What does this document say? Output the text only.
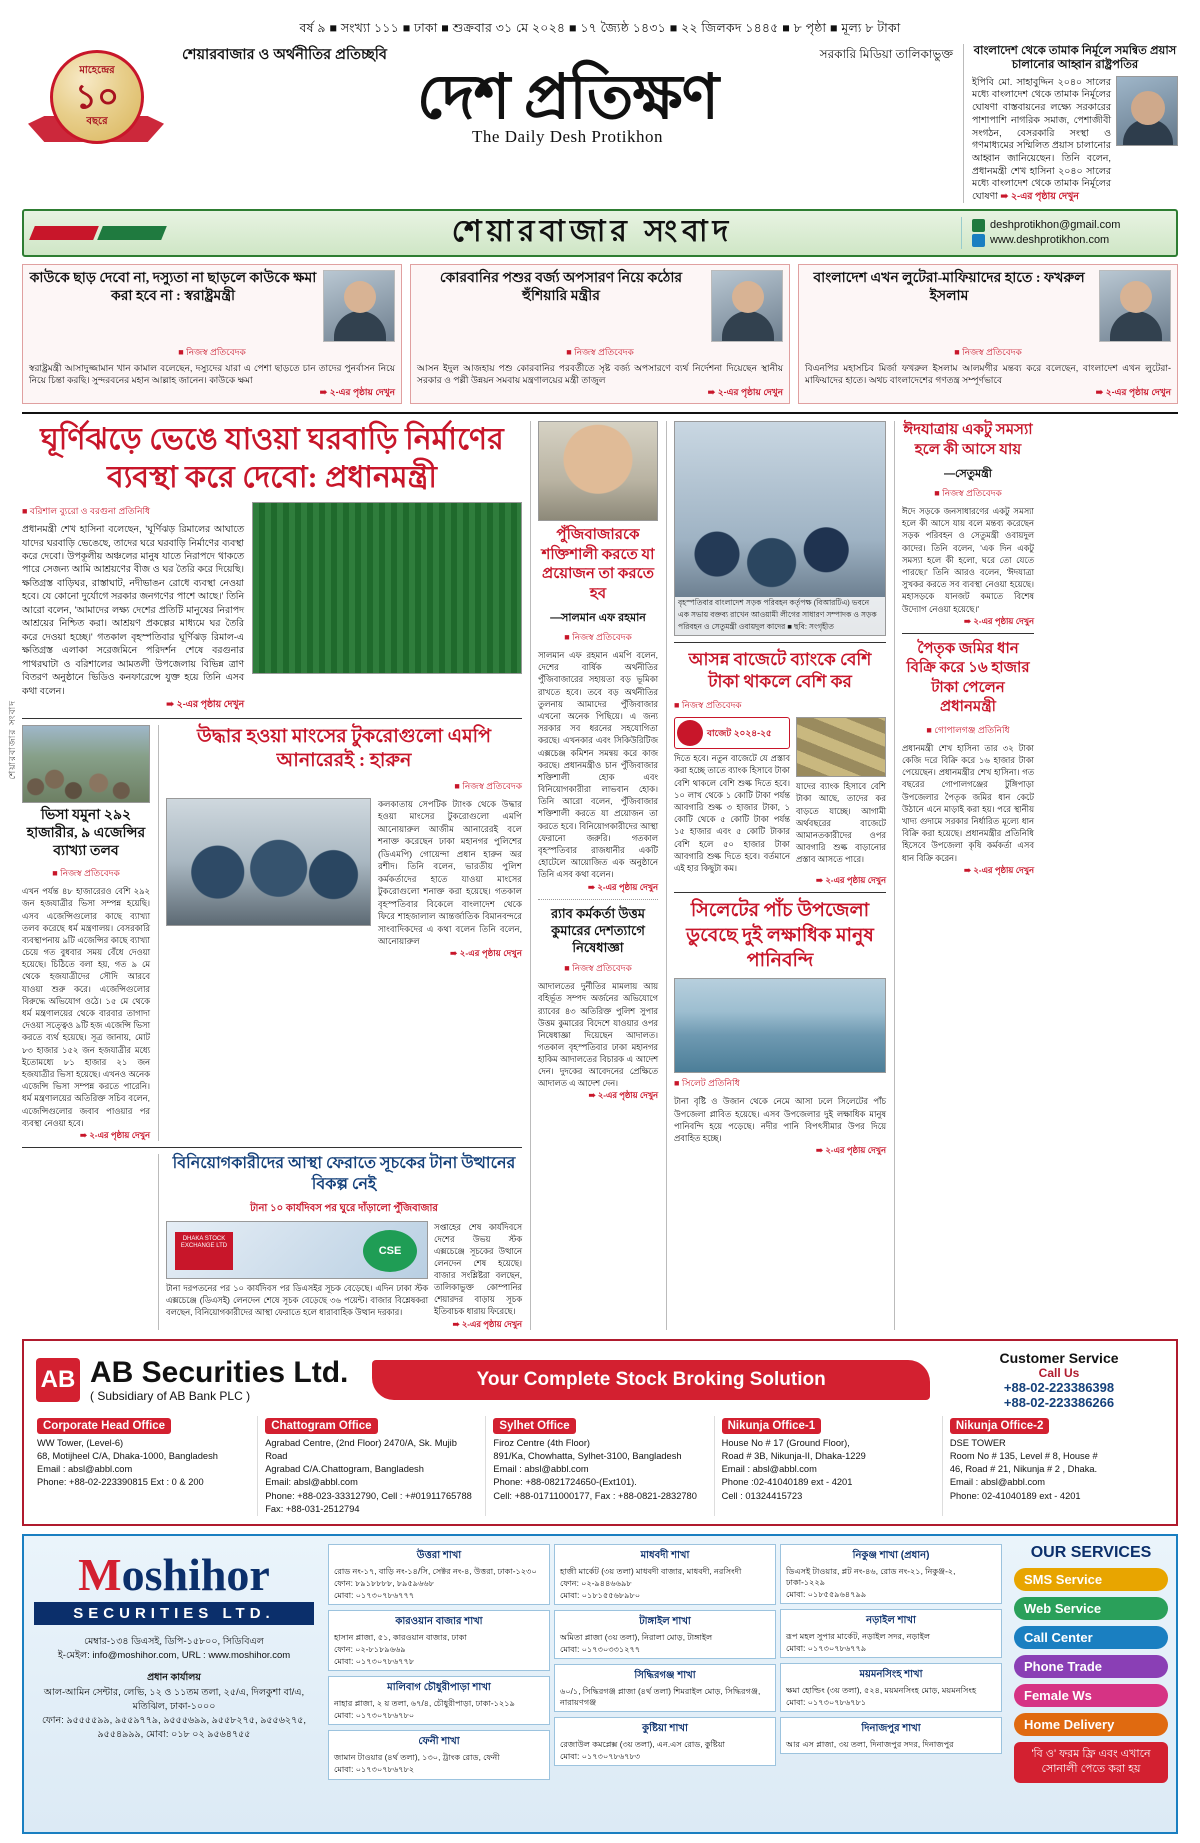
বর্ষ ৯ ■ সংখ্যা ১১১ ■ ঢাকা ■ শুক্রবার ৩১ মে ২০২৪ ■ ১৭ জ্যৈষ্ঠ ১৪৩১ ■ ২২ জিলকদ ১৪৪৫ ■ ৮ পৃষ্ঠা ■ মূল্য ৮ টাকা
মাহেন্দ্রের
১০
বছরে
শেয়ারবাজার ও অর্থনীতির প্রতিচ্ছবি	সরকারি মিডিয়া তালিকাভুক্ত
দেশ প্রতিক্ষণ
The Daily Desh Protikhon
বাংলাদেশ থেকে তামাক নির্মূলে সমন্বিত প্রয়াস চালানোর আহ্বান রাষ্ট্রপতির
ইপিবি মো. সাহাবুদ্দিন ২০৪০ সালের মধ্যে বাংলাদেশ থেকে তামাক নির্মূলের ঘোষণা বাস্তবায়নের লক্ষ্যে সরকারের পাশাপাশি নাগরিক সমাজ, পেশাজীবী সংগঠন, বেসরকারি সংস্থা ও গণমাধ্যমের সম্মিলিত প্রয়াস চালানোর আহ্বান জানিয়েছেন। তিনি বলেন, প্রধানমন্ত্রী শেখ হাসিনা ২০৪০ সালের মধ্যে বাংলাদেশ থেকে তামাক নির্মূলের ঘোষণা ➠ ২-এর পৃষ্ঠায় দেখুন
শেয়ারবাজার সংবাদ	deshprotikhon@gmail.com
www.deshprotikhon.com
কাউকে ছাড় দেবো না, দস্যুতা না ছাড়লে কাউকে ক্ষমা করা হবে না : স্বরাষ্ট্রমন্ত্রী
■ নিজস্ব প্রতিবেদক

স্বরাষ্ট্রমন্ত্রী আসাদুজ্জামান খান কামাল বলেছেন, দস্যুদের যারা এ পেশা ছাড়তে চান তাদের পুনর্বাসন নিয়ে নিয়ে চিন্তা করছি। সুন্দরবনের মহান আল্লাহ জানেন। কাউকে ক্ষমা

➠ ২-এর পৃষ্ঠায় দেখুন

কোরবানির পশুর বর্জ্য অপসারণ নিয়ে কঠোর হুঁশিয়ারি মন্ত্রীর
■ নিজস্ব প্রতিবেদক

আসন ইদুল আজহায় পশু কোরবানির পরবর্তীতে সৃষ্ট বর্জ্য অপসারণে ব্যর্থ নির্দেশনা দিয়েছেন স্থানীয় সরকার ও পল্লী উন্নয়ন সমবায় মন্ত্রণালয়ের মন্ত্রী তাজুল

➠ ২-এর পৃষ্ঠায় দেখুন

বাংলাদেশ এখন লুটেরা-মাফিয়াদের হাতে : ফখরুল ইসলাম
■ নিজস্ব প্রতিবেদক

বিএনপির মহাসচিব মির্জা ফখরুল ইসলাম আলমগীর মন্তব্য করে বলেছেন, বাংলাদেশ এখন লুটেরা-মাফিয়াদের হাতে। অথচ বাংলাদেশের গণতন্ত্র সম্পূর্ণভাবে

➠ ২-এর পৃষ্ঠায় দেখুন

ঘূর্ণিঝড়ে ভেঙে যাওয়া ঘরবাড়ি নির্মাণের ব্যবস্থা করে দেবো: প্রধানমন্ত্রী
■ বরিশাল ব্যুরো ও বরগুনা প্রতিনিধি
প্রধানমন্ত্রী শেখ হাসিনা বলেছেন, 'ঘূর্ণিঝড় রিমালের আঘাতে যাদের ঘরবাড়ি ভেঙেছে, তাদের ঘরে ঘরবাড়ি নির্মাণের ব্যবস্থা করে দেবো। উপকূলীয় অঞ্চলের মানুষ যাতে নিরাপদে থাকতে পারে সেজন্য আমি আশ্রয়ণের বীজ ও ঘর তৈরি করে দিয়েছি। ক্ষতিগ্রস্ত বাড়িঘর, রাস্তাঘাট, নদীভাঙন রোধে ব্যবস্থা নেওয়া হবে। যে কোনো দুর্যোগে সরকার জনগণের পাশে আছে।' তিনি আরো বলেন, 'আমাদের লক্ষ্য দেশের প্রতিটি মানুষের নিরাপদ আশ্রয়ের নিশ্চিত করা। আশ্রয়ণ প্রকল্পের মাধ্যমে ঘর তৈরি করে দেওয়া হচ্ছে।' গতকাল বৃহস্পতিবার ঘূর্ণিঝড় রিমাল-এ ক্ষতিগ্রস্ত এলাকা সরেজমিনে পরিদর্শন শেষে বরগুনার পাথরঘাটা ও বরিশালের আমতলী উপজেলায় বিভিন্ন ত্রাণ বিতরণ অনুষ্ঠানে ভিডিও কনফারেন্সে যুক্ত হয়ে তিনি এসব কথা বলেন।
➠ ২-এর পৃষ্ঠায় দেখুন
ভিসা যমুনা ২৯২ হাজারীর, ৯ এজেন্সির ব্যাখ্যা তলব
■ নিজস্ব প্রতিবেদক
এখন পর্যন্ত ৪৮ হাজারেরও বেশি ২৯২ জন হজযাত্রীর ভিসা সম্পন্ন হয়েছি। এসব এজেন্সিগুলোর কাছে ব্যাখ্যা তলব করেছে ধর্ম মন্ত্রণালয়। বেসরকারি ব্যবস্থাপনায় ৯টি এজেন্সির কাছে ব্যাখ্যা চেয়ে গত বুধবার সময় বেঁধে দেওয়া হয়েছে। চিঠিতে বলা হয়, গত ৯ মে থেকে হজযাত্রীদের সৌদি আরবে যাওয়া শুরু করে। এজেন্সিগুলোর বিরুদ্ধে অভিযোগ ওঠে। ১৫ মে থেকে ধর্ম মন্ত্রণালয়ের থেকে বারবার তাগাদা দেওয়া সত্ত্বেও ৯টি হজ এজেন্সি ভিসা করতে ব্যর্থ হয়েছে। সূত্র জানায়, মোট ৮৩ হাজার ১৫২ জন হজযাত্রীর মধ্যে ইতোমধ্যে ৮১ হাজার ২১ জন হজযাত্রীর ভিসা হয়েছে। এখনও অনেক এজেন্সি ভিসা সম্পন্ন করতে পারেনি। ধর্ম মন্ত্রণালয়ের অতিরিক্ত সচিব বলেন, এজেন্সিগুলোর জবাব পাওয়ার পর ব্যবস্থা নেওয়া হবে।
➠ ২-এর পৃষ্ঠায় দেখুন
উদ্ধার হওয়া মাংসের টুকরোগুলো এমপি আনারেরই : হারুন
■ নিজস্ব প্রতিবেদক
কলকাতায় সেপটিক ট্যাংক থেকে উদ্ধার হওয়া মাংসের টুকরোগুলো এমপি আনোয়ারুল আজীম আনারেরই বলে শনাক্ত করেছেন ঢাকা মহানগর পুলিশের (ডিএমপি) গোয়েন্দা প্রধান হারুন অর রশীদ। তিনি বলেন, ভারতীয় পুলিশ কর্মকর্তাদের হাতে যাওয়া মাংসের টুকরোগুলো শনাক্ত করা হয়েছে। গতকাল বৃহস্পতিবার বিকেলে বাংলাদেশ থেকে ফিরে শাহজালাল আন্তর্জাতিক বিমানবন্দরে সাংবাদিকদের এ কথা বলেন তিনি বলেন, আনোয়ারুল
➠ ২-এর পৃষ্ঠায় দেখুন
বিনিয়োগকারীদের আস্থা ফেরাতে সূচকের টানা উত্থানের বিকল্প নেই
টানা ১০ কার্যদিবস পর ঘুরে দাঁড়ালো পুঁজিবাজার
DHAKA STOCK
EXCHANGE LTD	CSE
টানা দরপতনের পর ১০ কার্যদিবস পর ডিএসইর সূচক বেড়েছে। এদিন ঢাকা স্টক এক্সচেঞ্জে (ডিএসই) লেনদেন শেষে সূচক বেড়েছে ৩৬ পয়েন্ট। বাজার বিশ্লেষকরা বলছেন, বিনিয়োগকারীদের আস্থা ফেরাতে হলে ধারাবাহিক উত্থান দরকার।
সপ্তাহের শেষ কার্যদিবসে দেশের উভয় স্টক এক্সচেঞ্জে সূচকের উত্থানে লেনদেন শেষ হয়েছে। বাজার সংশ্লিষ্টরা বলছেন, তালিকাভুক্ত কোম্পানির শেয়ারদর বাড়ায় সূচক ইতিবাচক ধারায় ফিরেছে।
➠ ২-এর পৃষ্ঠায় দেখুন
পুঁজিবাজারকে শক্তিশালী করতে যা প্রয়োজন তা করতে হব
—সালমান এফ রহমান
■ নিজস্ব প্রতিবেদক
সালমান এফ রহমান এমপি বলেন, দেশের বার্ষিক অর্থনীতির পুঁজিবাজারের সহায়তা বড় ভূমিকা রাখতে হবে। তবে বড় অর্থনীতির তুলনায় আমাদের পুঁজিবাজার এখনো অনেক পিছিয়ে। এ জন্য সরকার সব ধরনের সহযোগিতা করছে। এখনকার এবং সিকিউরিটিজ এক্সচেঞ্জ কমিশন সমন্বয় করে কাজ করছে। প্রধানমন্ত্রীও চান পুঁজিবাজার শক্তিশালী হোক এবং বিনিয়োগকারীরা লাভবান হোক। তিনি আরো বলেন, পুঁজিবাজার শক্তিশালী করতে যা প্রয়োজন তা করতে হবে। বিনিয়োগকারীদের আস্থা ফেরানো জরুরি। গতকাল বৃহস্পতিবার রাজধানীর একটি হোটেলে আয়োজিত এক অনুষ্ঠানে তিনি এসব কথা বলেন।
➠ ২-এর পৃষ্ঠায় দেখুন
র‍্যাব কর্মকর্তা উত্তম কুমারের দেশত্যাগে নিষেধাজ্ঞা
■ নিজস্ব প্রতিবেদক
আদালতের দুর্নীতির মামলায় আয় বহির্ভূত সম্পদ অর্জনের অভিযোগে র‍্যাবের ৪৩ অতিরিক্ত পুলিশ সুপার উত্তম কুমারের বিদেশে যাওয়ার ওপর নিষেধাজ্ঞা দিয়েছেন আদালত। গতকাল বৃহস্পতিবার ঢাকা মহানগর হাকিম আদালতের বিচারক এ আদেশ দেন। দুদকের আবেদনের প্রেক্ষিতে আদালত এ আদেশ দেন।
➠ ২-এর পৃষ্ঠায় দেখুন
বৃহস্পতিবার বাংলাদেশ সড়ক পরিবহন কর্তৃপক্ষ (বিআরটিএ) ভবনে এক সভায় বক্তব্য রাখেন আওয়ামী লীগের সাধারণ সম্পাদক ও সড়ক পরিবহন ও সেতুমন্ত্রী ওবায়দুল কাদের ■ ছবি: সংগৃহীত
আসন্ন বাজেটে ব্যাংকে বেশি টাকা থাকলে বেশি কর
■ নিজস্ব প্রতিবেদক
বাজেট ২০২৪-২৫
দিতে হবে। নতুন বাজেটে যে প্রস্তাব করা হচ্ছে তাতে ব্যাংক হিসাবে টাকা বেশি থাকলে বেশি শুল্ক দিতে হবে। ১০ লাখ থেকে ১ কোটি টাকা পর্যন্ত আবগারি শুল্ক ৩ হাজার টাকা, ১ কোটি থেকে ৫ কোটি টাকা পর্যন্ত ১৫ হাজার এবং ৫ কোটি টাকার বেশি হলে ৫০ হাজার টাকা আবগারি শুল্ক দিতে হবে। বর্তমানে এই হার কিছুটা কম।
যাদের ব্যাংক হিসাবে বেশি টাকা আছে, তাদের কর বাড়তে যাচ্ছে। আগামী অর্থবছরের বাজেটে আমানতকারীদের ওপর আবগারি শুল্ক বাড়ানোর প্রস্তাব আসতে পারে।
➠ ২-এর পৃষ্ঠায় দেখুন
সিলেটের পাঁচ উপজেলা ডুবেছে দুই লক্ষাধিক মানুষ পানিবন্দি
■ সিলেট প্রতিনিধি
টানা বৃষ্টি ও উজান থেকে নেমে আসা ঢলে সিলেটের পাঁচ উপজেলা প্লাবিত হয়েছে। এসব উপজেলার দুই লক্ষাধিক মানুষ পানিবন্দি হয়ে পড়েছে। নদীর পানি বিপৎসীমার উপর দিয়ে প্রবাহিত হচ্ছে।
➠ ২-এর পৃষ্ঠায় দেখুন
ঈদযাত্রায় একটু সমস্যা হলে কী আসে যায়
—সেতুমন্ত্রী
■ নিজস্ব প্রতিবেদক
ঈদে সড়কে জনসাধারণের একটু সমস্যা হলে কী আসে যায় বলে মন্তব্য করেছেন সড়ক পরিবহন ও সেতুমন্ত্রী ওবায়দুল কাদের। তিনি বলেন, 'এক দিন একটু সমস্যা হলে কী হলো, ঘরে তো যেতে পারছে।' তিনি আরও বলেন, 'ঈদযাত্রা সুখকর করতে সব ব্যবস্থা নেওয়া হয়েছে। মহাসড়কে যানজট কমাতে বিশেষ উদ্যোগ নেওয়া হয়েছে।'
➠ ২-এর পৃষ্ঠায় দেখুন
পৈতৃক জমির ধান বিক্রি করে ১৬ হাজার টাকা পেলেন প্রধানমন্ত্রী
■ গোপালগঞ্জ প্রতিনিধি
প্রধানমন্ত্রী শেখ হাসিনা তার ৩২ টাকা কেজি দরে বিক্রি করে ১৬ হাজার টাকা পেয়েছেন। প্রধানমন্ত্রীর শেখ হাসিনা। গত বছরের গোপালগঞ্জের টুঙ্গিপাড়া উপজেলার পৈতৃক জমির ধান কেটে উঠানে এনে মাড়াই করা হয়। পরে স্থানীয় খাদ্য গুদামে সরকার নির্ধারিত মূল্যে ধান বিক্রি করা হয়েছে। প্রধানমন্ত্রীর প্রতিনিধি হিসেবে উপজেলা কৃষি কর্মকর্তা এসব ধান বিক্রি করেন।
➠ ২-এর পৃষ্ঠায় দেখুন
শেয়ারবাজার সংবাদ
AB AB Securities Ltd.
( Subsidiary of AB Bank PLC )
Your Complete Stock Broking Solution
Customer Service
Call Us
+88-02-223386398
+88-02-223386266
Corporate Head Office

WW Tower, (Level-6)

68, Motijheel C/A, Dhaka-1000, Bangladesh

Email : absl@abbl.com

Phone: +88-02-223390815 Ext : 0 & 200

Chattogram Office

Agrabad Centre, (2nd Floor) 2470/A, Sk. Mujib Road

Agrabad C/A.Chattogram, Bangladesh

Email: absl@abbl.com

Phone: +88-023-33312790, Cell : +#01911765788

Fax: +88-031-2512794

Sylhet Office

Firoz Centre (4th Floor)

891/Ka, Chowhatta, Sylhet-3100, Bangladesh

Email : absl@abbl.com

Phone: +88-0821724650-(Ext101).

Cell: +88-01711000177, Fax : +88-0821-2832780

Nikunja Office-1

House No # 17 (Ground Floor),

Road # 3B, Nikunja-II, Dhaka-1229

Email : absl@abbl.com

Phone :02-41040189 ext - 4201

Cell : 01324415723

Nikunja Office-2

DSE TOWER

Room No # 135, Level # 8, House #

46, Road # 21, Nikunja # 2 , Dhaka.

Email : absl@abbl.com

Phone: 02-41040189 ext - 4201

Moshihor
SECURITIES LTD.
মেম্বার-১৩৪ ডিএসই, ডিপি-১৫৮০০, সিডিবিএল
ই-মেইল: info@moshihor.com, URL : www.moshihor.com
প্রধান কার্যালয়
আল-আমিন সেন্টার, লেভি, ১২ ও ১১তম তলা, ২৫/এ, দিলকুশা বা/এ, মতিঝিল, ঢাকা-১০০০
ফোন: ৯৫৫৫৫৯৯, ৯৫৫৯৭৭৯, ৯৫৫৫৬৯৯, ৯৫৫৮২৭৫, ৯৫৫৬২৭৫,
৯৫৫৪৯৯৯, মোবা: ০১৮ ০২ ৯৫৬৪৭৫৫
উত্তরা শাখা

রোড নং-১৭, বাড়ি নং-১৪/সি, সেক্টর নং-৪, উত্তরা, ঢাকা-১২৩০

ফোন: ৮৯১৮৮৮৮, ৮৯৫৯৬৬৮

মোবা: ০১৭৩০৭৮৬৭৭৭

কারওয়ান বাজার শাখা

হাসান প্লাজা, ৫১, কারওয়ান বাজার, ঢাকা

ফোন: ০২-৮১৮৯৬৬৯

মোবা: ০১৭৩০৭৮৬৭৭৮

মালিবাগ চৌধুরীপাড়া শাখা

নাহার প্লাজা, ২ য় তলা, ৬৭/৪, চৌধুরীপাড়া, ঢাকা-১২১৯

মোবা: ০১৭৩০৭৮৬৭৮০

ফেনী শাখা

জামান টাওয়ার (৪র্থ তলা), ১৩০, ট্রাংক রোড, ফেনী

মোবা: ০১৭৩০৭৮৬৭৮২

মাধবদী শাখা

হাজী মার্কেট (৩য় তলা) মাধবদী বাজার, মাধবদী, নরসিংদী

ফোন: ০২-৯৪৪৬৬৯৮

মোবা: ০১৮১৫৫৬৮৯৮০

টাঙ্গাইল শাখা

অমিতা প্লাজা (৩য় তলা), নিরালা মোড়, টাঙ্গাইল

মোবা: ০১৭৩০৩৩১২৭৭

সিদ্ধিরগঞ্জ শাখা

৬০/১, সিদ্ধিরগঞ্জ প্লাজা (৪র্থ তলা) শিমরাইল মোড়, সিদ্ধিরগঞ্জ, নারায়ণগঞ্জ

কুষ্টিয়া শাখা

রেজাউল কমপ্লেক্স (৩য় তলা), এন.এস রোড, কুষ্টিয়া

মোবা: ০১৭৩০৭৮৬৭৮৩

নিকুঞ্জ শাখা (প্রধান)

ডিএসই টাওয়ার, প্লট নং-৪৬, রোড নং-২১, নিকুঞ্জ-২, ঢাকা-১২২৯

মোবা: ০১৮৫৫৯৬৪৭৯৯

নড়াইল শাখা

রূপ মহল সুপার মার্কেট, নড়াইল সদর, নড়াইল

মোবা: ০১৭৩০৭৮৬৭৭৯

ময়মনসিংহ শাখা

ক্ষমা হোল্ডিং (৩য় তলা), ৫২৪, ময়মনসিংহ মোড়, ময়মনসিংহ

মোবা: ০১৭৩০৭৮৬৭৮১

দিনাজপুর শাখা

আর এস প্লাজা, ৩য় তলা, দিনাজপুর সদর, দিনাজপুর

OUR SERVICES
SMS Service
Web Service
Call Center
Phone Trade
Female Ws
Home Delivery
'বি ও' ফরম ফ্রি এবং এখানে সোনালী পেতে করা হয়
